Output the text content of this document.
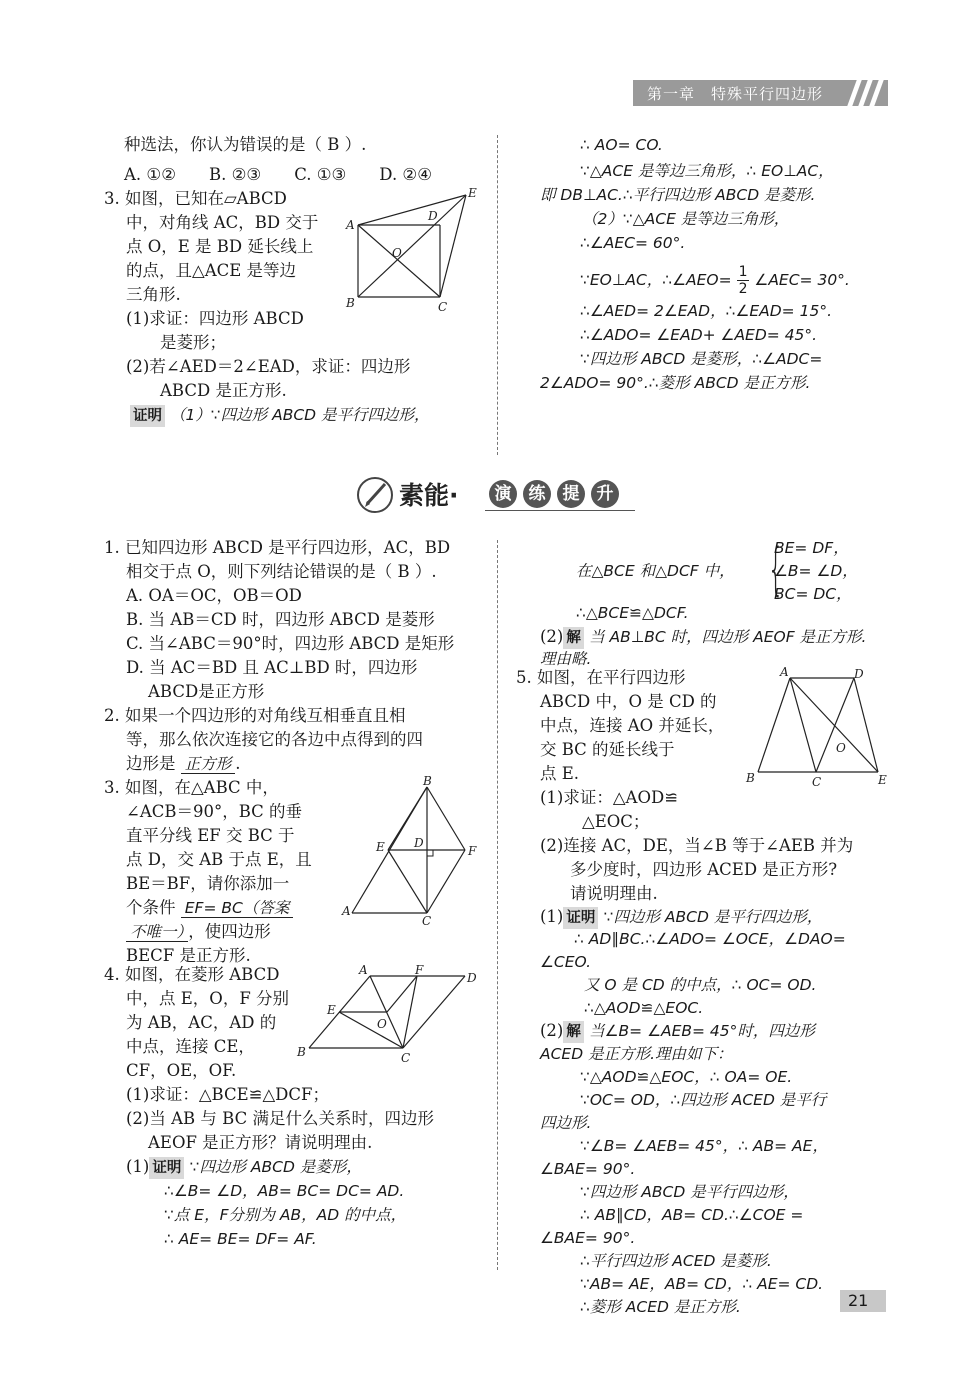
第一章　特殊平行四边形
种选法，你认为错误的是（ B ）.
A. ①②　　B. ②③　　C. ①③　　D. ②④
3. 如图，已知在▱ABCD
中，对角线 AC，BD 交于
点 O，E 是 BD 延长线上
的点，且△ACE 是等边
三角形.
(1)求证：四边形 ABCD
是菱形；
(2)若∠AED＝2∠EAD，求证：四边形
ABCD 是正方形.
证明 （1）∵四边形 ABCD 是平行四边形，
A
D
E
O
B	C
∴ AO= CO.
∵△ACE 是等边三角形，∴ EO⊥AC，
即 DB⊥AC.∴平行四边形 ABCD 是菱形.
（2）∵△ACE 是等边三角形，
∴∠AEC= 60°.
∵EO⊥AC，∴∠AEO= $\frac{1}{2}$ ∠AEC= 30°.
∴∠AED= 2∠EAD，∴∠EAD= 15°.
∴∠ADO= ∠EAD+ ∠AED= 45°.
∵四边形 ABCD 是菱形，∴∠ADC=
2∠ADO= 90°.∴菱形 ABCD 是正方形.
素能·	演	练	提	升
1. 已知四边形 ABCD 是平行四边形，AC，BD
相交于点 O，则下列结论错误的是（ B ）.
A. OA＝OC，OB＝OD
B. 当 AB＝CD 时，四边形 ABCD 是菱形
C. 当∠ABC＝90°时，四边形 ABCD 是矩形
D. 当 AC＝BD 且 AC⊥BD 时，四边形
ABCD是正方形
2. 如果一个四边形的对角线互相垂直且相
等，那么依次连接它的各边中点得到的四
边形是 正方形 .
3. 如图，在△ABC 中，
∠ACB＝90°，BC 的垂
直平分线 EF 交 BC 于
点 D，交 AB 于点 E，且
BE＝BF，请你添加一
个条件 EF= BC（答案
不唯一） ，使四边形
BECF 是正方形.
B
E D
F
A
C
4. 如图，在菱形 ABCD
中，点 E，O，F 分别
为 AB，AC，AD 的
中点，连接 CE，
CF，OE，OF.
(1)求证：△BCE≌△DCF；
(2)当 AB 与 BC 满足什么关系时，四边形
AEOF 是正方形？请说明理由.
A	F
D
E
O
B	C
(1) 证明 ∵四边形 ABCD 是菱形，
∴∠B= ∠D，AB= BC= DC= AD.
∵点 E，F分别为 AB，AD 的中点，
∴ AE= BE= DF= AF.
在△BCE 和△DCF 中， {
BE= DF，
∠B= ∠D，
BC= DC，
∴△BCE≌△DCF.
(2) 解 当 AB⊥BC 时，四边形 AEOF 是正方形.
理由略.
5. 如图，在平行四边形
ABCD 中，O 是 CD 的
中点，连接 AO 并延长，
交 BC 的延长线于
点 E.
(1)求证：△AOD≌
△EOC；
(2)连接 AC，DE，当∠B 等于∠AEB 并为
多少度时，四边形 ACED 是正方形?
请说明理由.
A	D
O
B	C	E
(1) 证明 ∵四边形 ABCD 是平行四边形，
∴ AD∥BC.∴∠ADO= ∠OCE，∠DAO=
∠CEO.
又 O 是 CD 的中点，∴ OC= OD.
∴△AOD≌△EOC.
(2) 解 当∠B= ∠AEB= 45°时，四边形
ACED 是正方形.理由如下：
∵△AOD≌△EOC，∴ OA= OE.
∵OC= OD，∴四边形 ACED 是平行
四边形.
∵∠B= ∠AEB= 45°，∴ AB= AE，
∠BAE= 90°.
∵四边形 ABCD 是平行四边形，
∴ AB∥CD，AB= CD.∴∠COE =
∠BAE= 90°.
∴平行四边形 ACED 是菱形.
21
∵AB= AE，AB= CD，∴ AE= CD.
∴菱形 ACED 是正方形.
